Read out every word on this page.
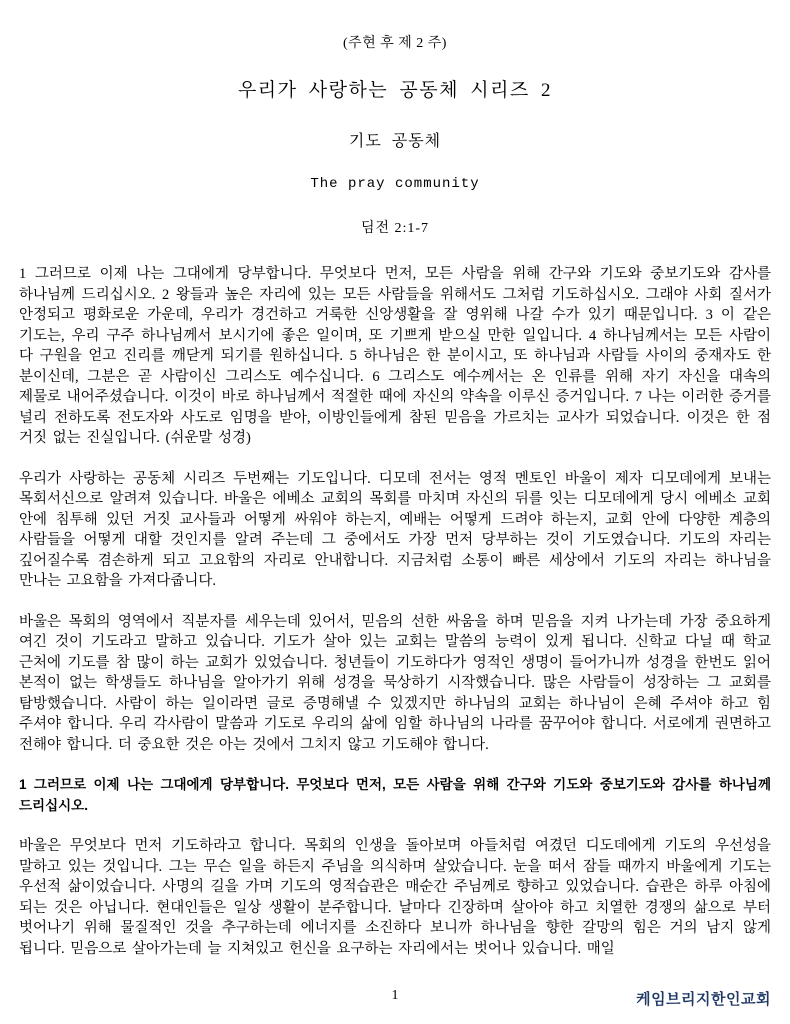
(주현 후 제 2 주)
우리가 사랑하는 공동체 시리즈 2
기도 공동체
The pray community
딤전 2:1-7

1 그러므로 이제 나는 그대에게 당부합니다. 무엇보다 먼저, 모든 사람을 위해 간구와 기도와 중보기도와 감사를 하나님께 드리십시오. 2 왕들과 높은 자리에 있는 모든 사람들을 위해서도 그처럼 기도하십시오. 그래야 사회 질서가 안정되고 평화로운 가운데, 우리가 경건하고 거룩한 신앙생활을 잘 영위해 나갈 수가 있기 때문입니다. 3 이 같은 기도는, 우리 구주 하나님께서 보시기에 좋은 일이며, 또 기쁘게 받으실 만한 일입니다. 4 하나님께서는 모든 사람이 다 구원을 얻고 진리를 깨닫게 되기를 원하십니다. 5 하나님은 한 분이시고, 또 하나님과 사람들 사이의 중재자도 한 분이신데, 그분은 곧 사람이신 그리스도 예수십니다. 6 그리스도 예수께서는 온 인류를 위해 자기 자신을 대속의 제물로 내어주셨습니다. 이것이 바로 하나님께서 적절한 때에 자신의 약속을 이루신 증거입니다. 7 나는 이러한 증거를 널리 전하도록 전도자와 사도로 임명을 받아, 이방인들에게 참된 믿음을 가르치는 교사가 되었습니다. 이것은 한 점 거짓 없는 진실입니다. (쉬운말 성경)

우리가 사랑하는 공동체 시리즈 두번째는 기도입니다. 디모데 전서는 영적 멘토인 바울이 제자 디모데에게 보내는 목회서신으로 알려져 있습니다. 바울은 에베소 교회의 목회를 마치며 자신의 뒤를 잇는 디모데에게 당시 에베소 교회 안에 침투해 있던 거짓 교사들과 어떻게 싸워야 하는지, 예배는 어떻게 드려야 하는지, 교회 안에 다양한 계층의 사람들을 어떻게 대할 것인지를 알려 주는데 그 중에서도 가장 먼저 당부하는 것이 기도였습니다. 기도의 자리는 깊어질수록 겸손하게 되고 고요함의 자리로 안내합니다. 지금처럼 소통이 빠른 세상에서 기도의 자리는 하나님을 만나는 고요함을 가져다줍니다.

바울은 목회의 영역에서 직분자를 세우는데 있어서, 믿음의 선한 싸움을 하며 믿음을 지켜 나가는데 가장 중요하게 여긴 것이 기도라고 말하고 있습니다. 기도가 살아 있는 교회는 말씀의 능력이 있게 됩니다. 신학교 다닐 때 학교 근처에 기도를 참 많이 하는 교회가 있었습니다. 청년들이 기도하다가 영적인 생명이 들어가니까 성경을 한번도 읽어 본적이 없는 학생들도 하나님을 알아가기 위해 성경을 묵상하기 시작했습니다. 많은 사람들이 성장하는 그 교회를 탐방했습니다. 사람이 하는 일이라면 글로 증명해낼 수 있겠지만 하나님의 교회는 하나님이 은혜 주셔야 하고 힘 주셔야 합니다. 우리 각사람이 말씀과 기도로 우리의 삶에 임할 하나님의 나라를 꿈꾸어야 합니다. 서로에게 권면하고 전해야 합니다. 더 중요한 것은 아는 것에서 그치지 않고 기도해야 합니다.

1 그러므로 이제 나는 그대에게 당부합니다. 무엇보다 먼저, 모든 사람을 위해 간구와 기도와 중보기도와 감사를 하나님께 드리십시오.

바울은 무엇보다 먼저 기도하라고 합니다. 목회의 인생을 돌아보며 아들처럼 여겼던 디도데에게 기도의 우선성을 말하고 있는 것입니다. 그는 무슨 일을 하든지 주님을 의식하며 살았습니다. 눈을 떠서 잠들 때까지 바울에게 기도는 우선적 삶이었습니다. 사명의 길을 가며 기도의 영적습관은 매순간 주님께로 향하고 있었습니다. 습관은 하루 아침에 되는 것은 아닙니다. 현대인들은 일상 생활이 분주합니다. 날마다 긴장하며 살아야 하고 치열한 경쟁의 삶으로 부터 벗어나기 위해 물질적인 것을 추구하는데 에너지를 소진하다 보니까 하나님을 향한 갈망의 힘은 거의 남지 않게 됩니다. 믿음으로 살아가는데 늘 지쳐있고 헌신을 요구하는 자리에서는 벗어나 있습니다. 매일

1	케임브리지한인교회
